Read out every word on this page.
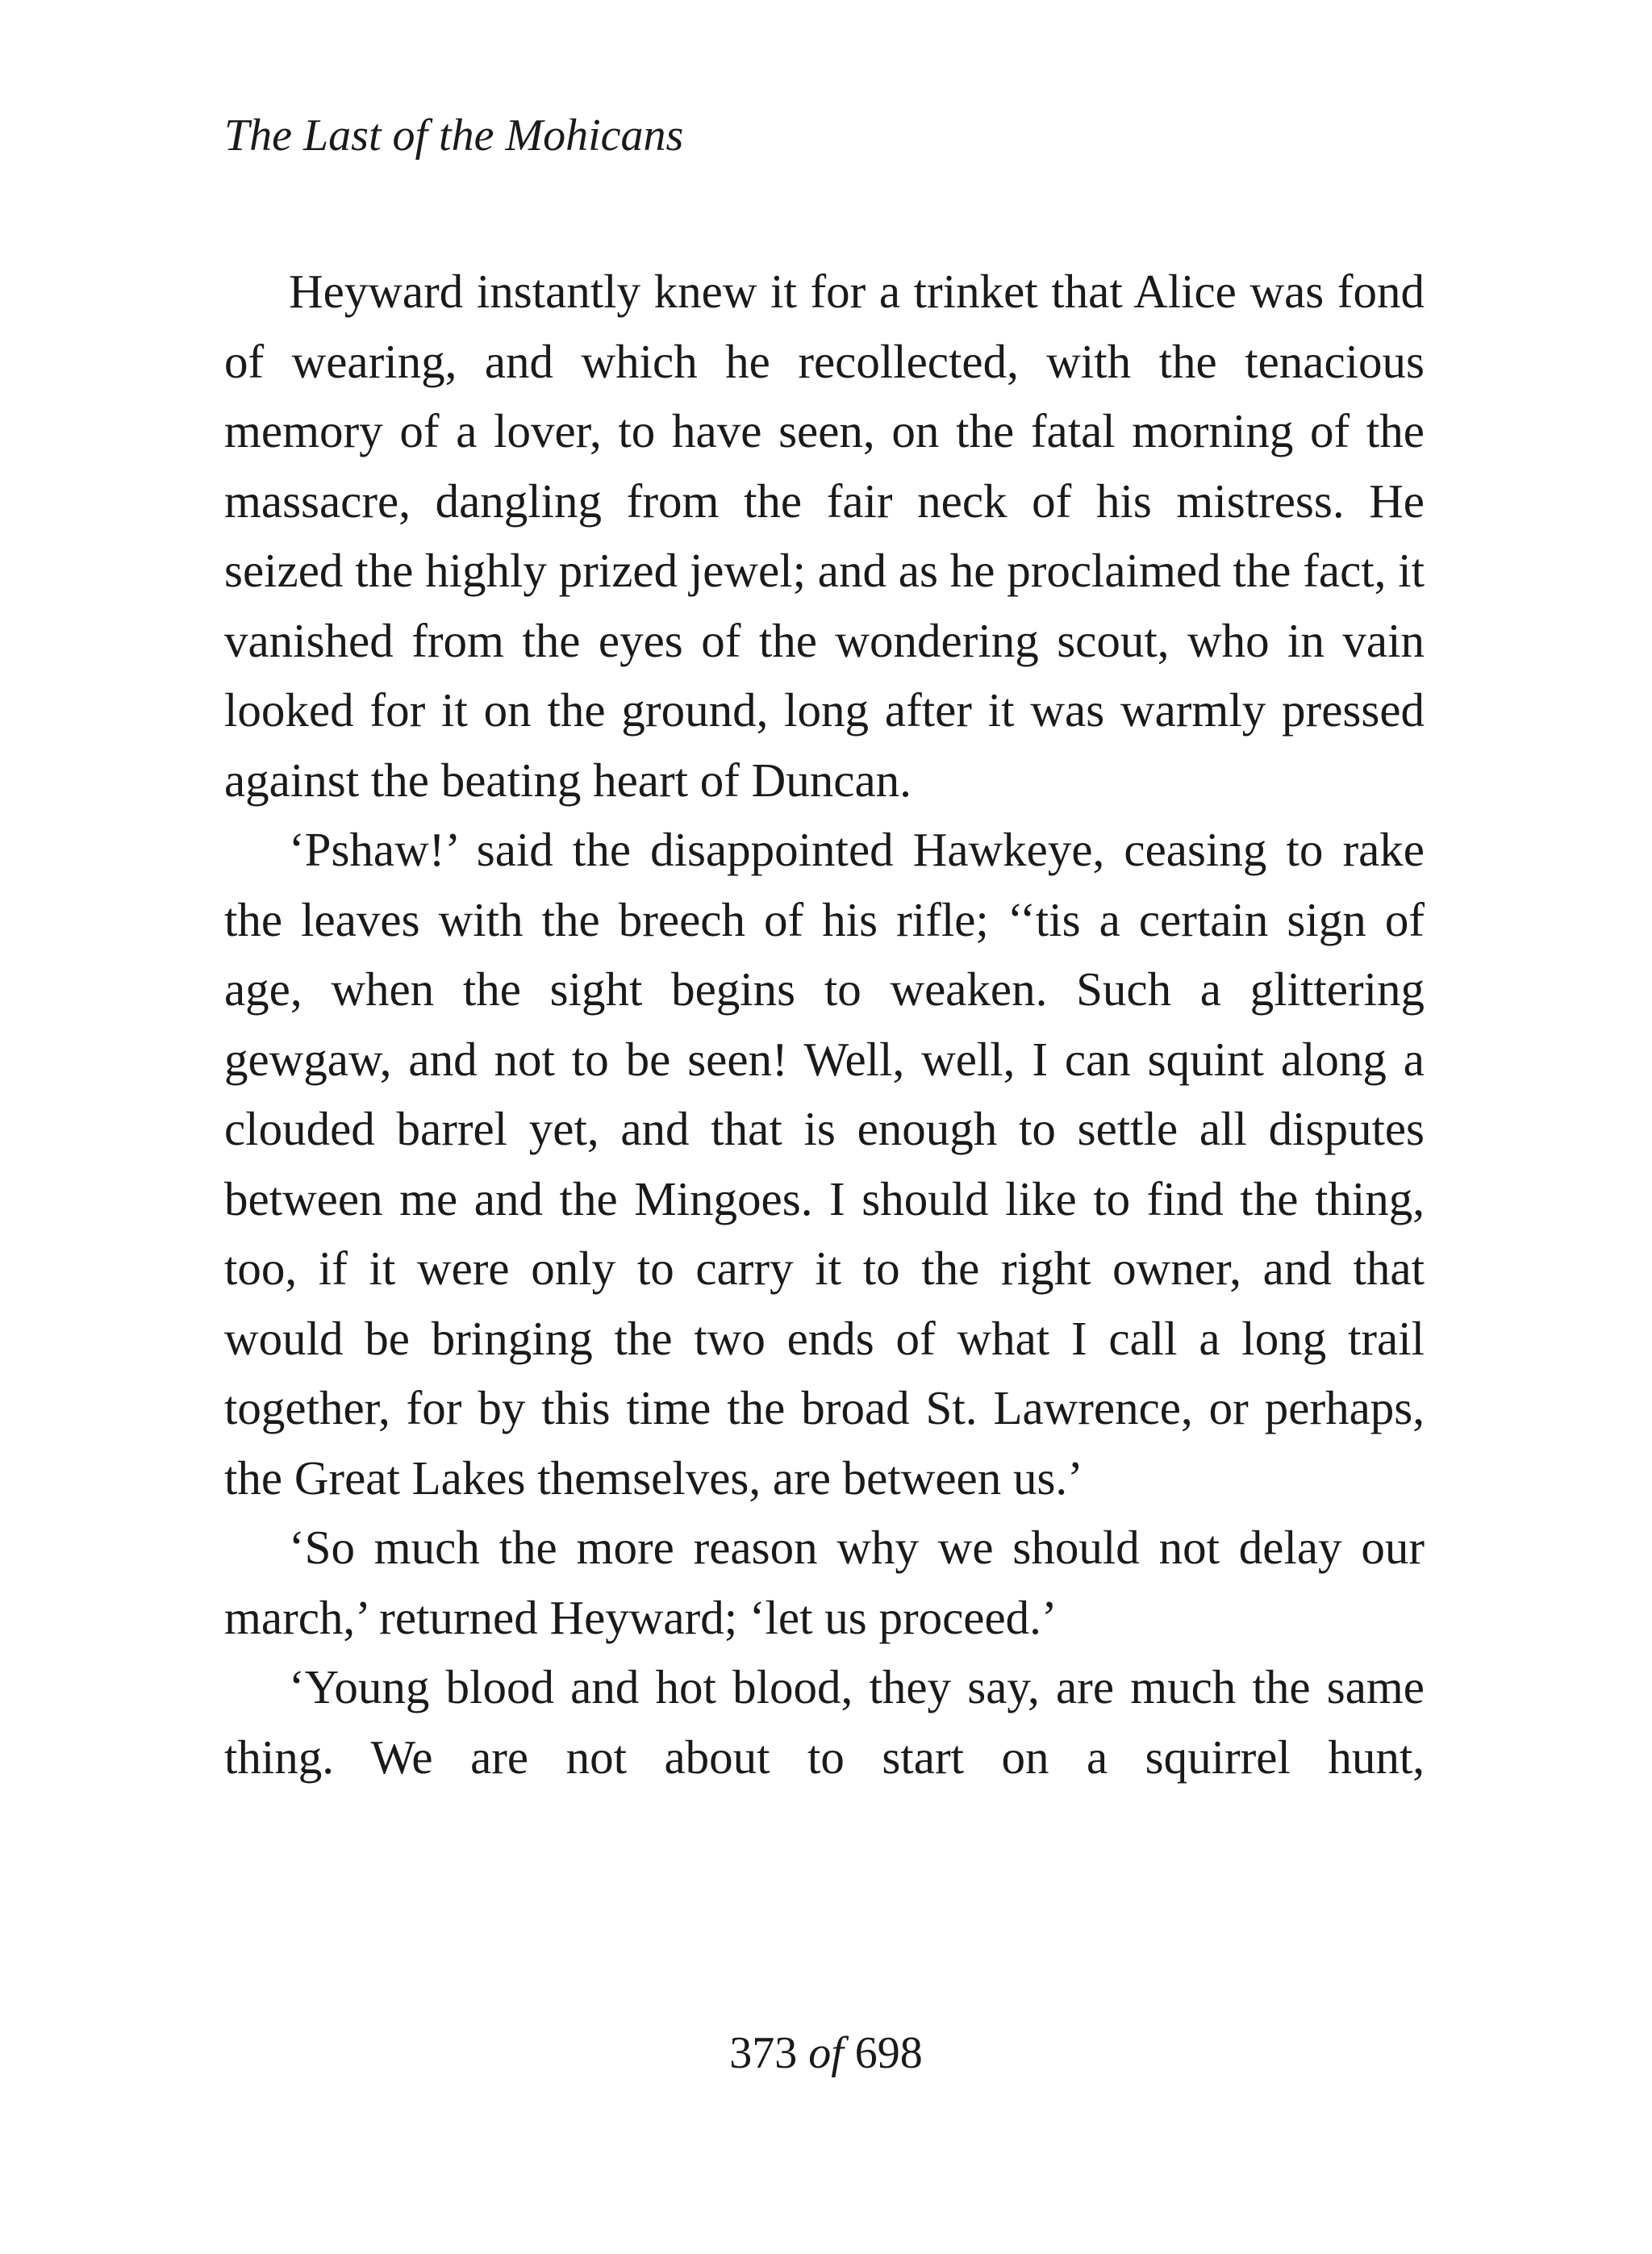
The Last of the Mohicans

Heyward instantly knew it for a trinket that Alice was fond of wearing, and which he recollected, with the tenacious memory of a lover, to have seen, on the fatal morning of the massacre, dangling from the fair neck of his mistress. He seized the highly prized jewel; and as he proclaimed the fact, it vanished from the eyes of the wondering scout, who in vain looked for it on the ground, long after it was warmly pressed against the beating heart of Duncan.

‘Pshaw!’ said the disappointed Hawkeye, ceasing to rake the leaves with the breech of his rifle; ‘‘tis a certain sign of age, when the sight begins to weaken. Such a glittering gewgaw, and not to be seen! Well, well, I can squint along a clouded barrel yet, and that is enough to settle all disputes between me and the Mingoes. I should like to find the thing, too, if it were only to carry it to the right owner, and that would be bringing the two ends of what I call a long trail together, for by this time the broad St. Lawrence, or perhaps, the Great Lakes themselves, are between us.’

‘So much the more reason why we should not delay our march,’ returned Heyward; ‘let us proceed.’

‘Young blood and hot blood, they say, are much the same thing. We are not about to start on a squirrel hunt,

373 of 698
